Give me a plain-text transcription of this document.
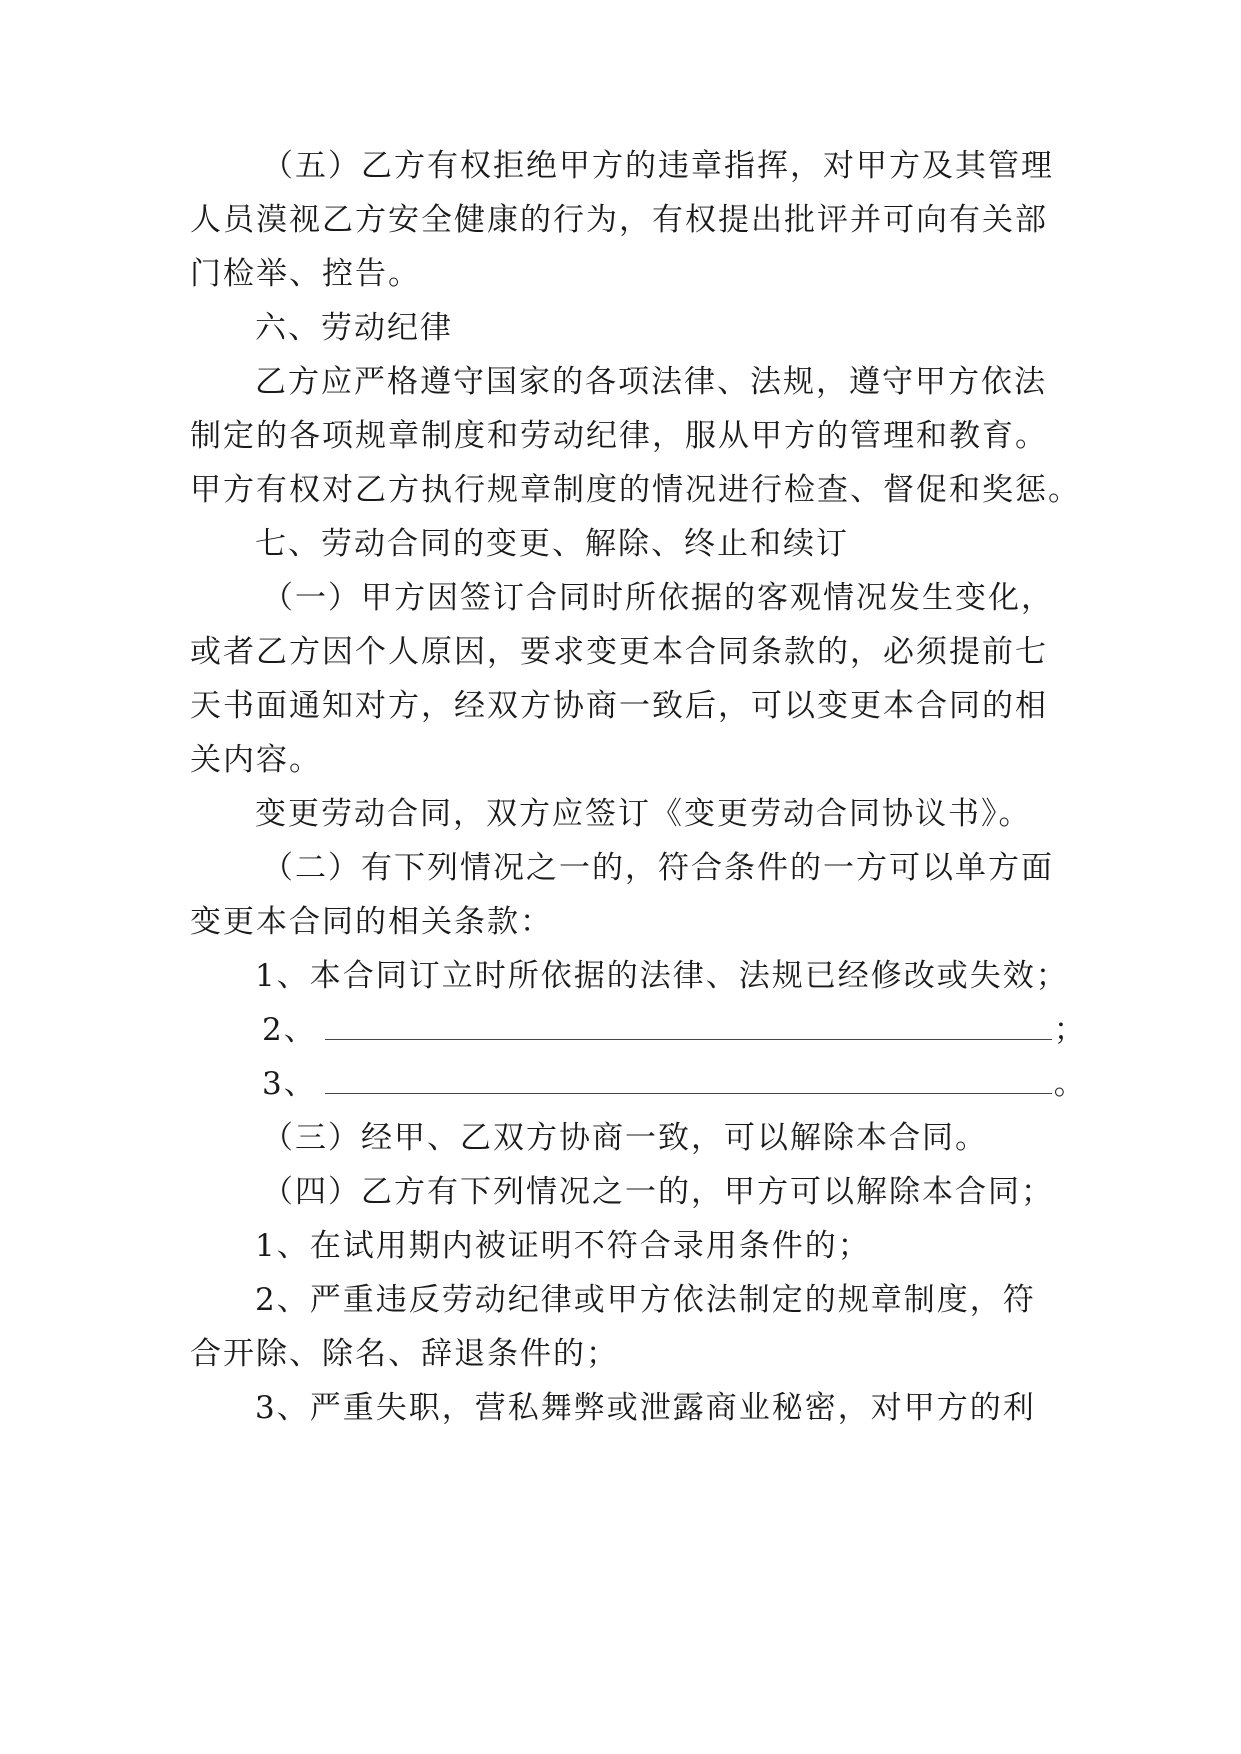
（五）乙方有权拒绝甲方的违章指挥，对甲方及其管理
人员漠视乙方安全健康的行为，有权提出批评并可向有关部
门检举、控告。
六、劳动纪律
乙方应严格遵守国家的各项法律、法规，遵守甲方依法
制定的各项规章制度和劳动纪律，服从甲方的管理和教育。
甲方有权对乙方执行规章制度的情况进行检查、督促和奖惩。
七、劳动合同的变更、解除、终止和续订
（一）甲方因签订合同时所依据的客观情况发生变化，
或者乙方因个人原因，要求变更本合同条款的，必须提前七
天书面通知对方，经双方协商一致后，可以变更本合同的相
关内容。
变更劳动合同，双方应签订《变更劳动合同协议书》。
（二）有下列情况之一的，符合条件的一方可以单方面
变更本合同的相关条款：
1、本合同订立时所依据的法律、法规已经修改或失效；
2、	；
3、	。
（三）经甲、乙双方协商一致，可以解除本合同。
（四）乙方有下列情况之一的，甲方可以解除本合同；
1、在试用期内被证明不符合录用条件的；
2、严重违反劳动纪律或甲方依法制定的规章制度，符
合开除、除名、辞退条件的；
3、严重失职，营私舞弊或泄露商业秘密，对甲方的利
